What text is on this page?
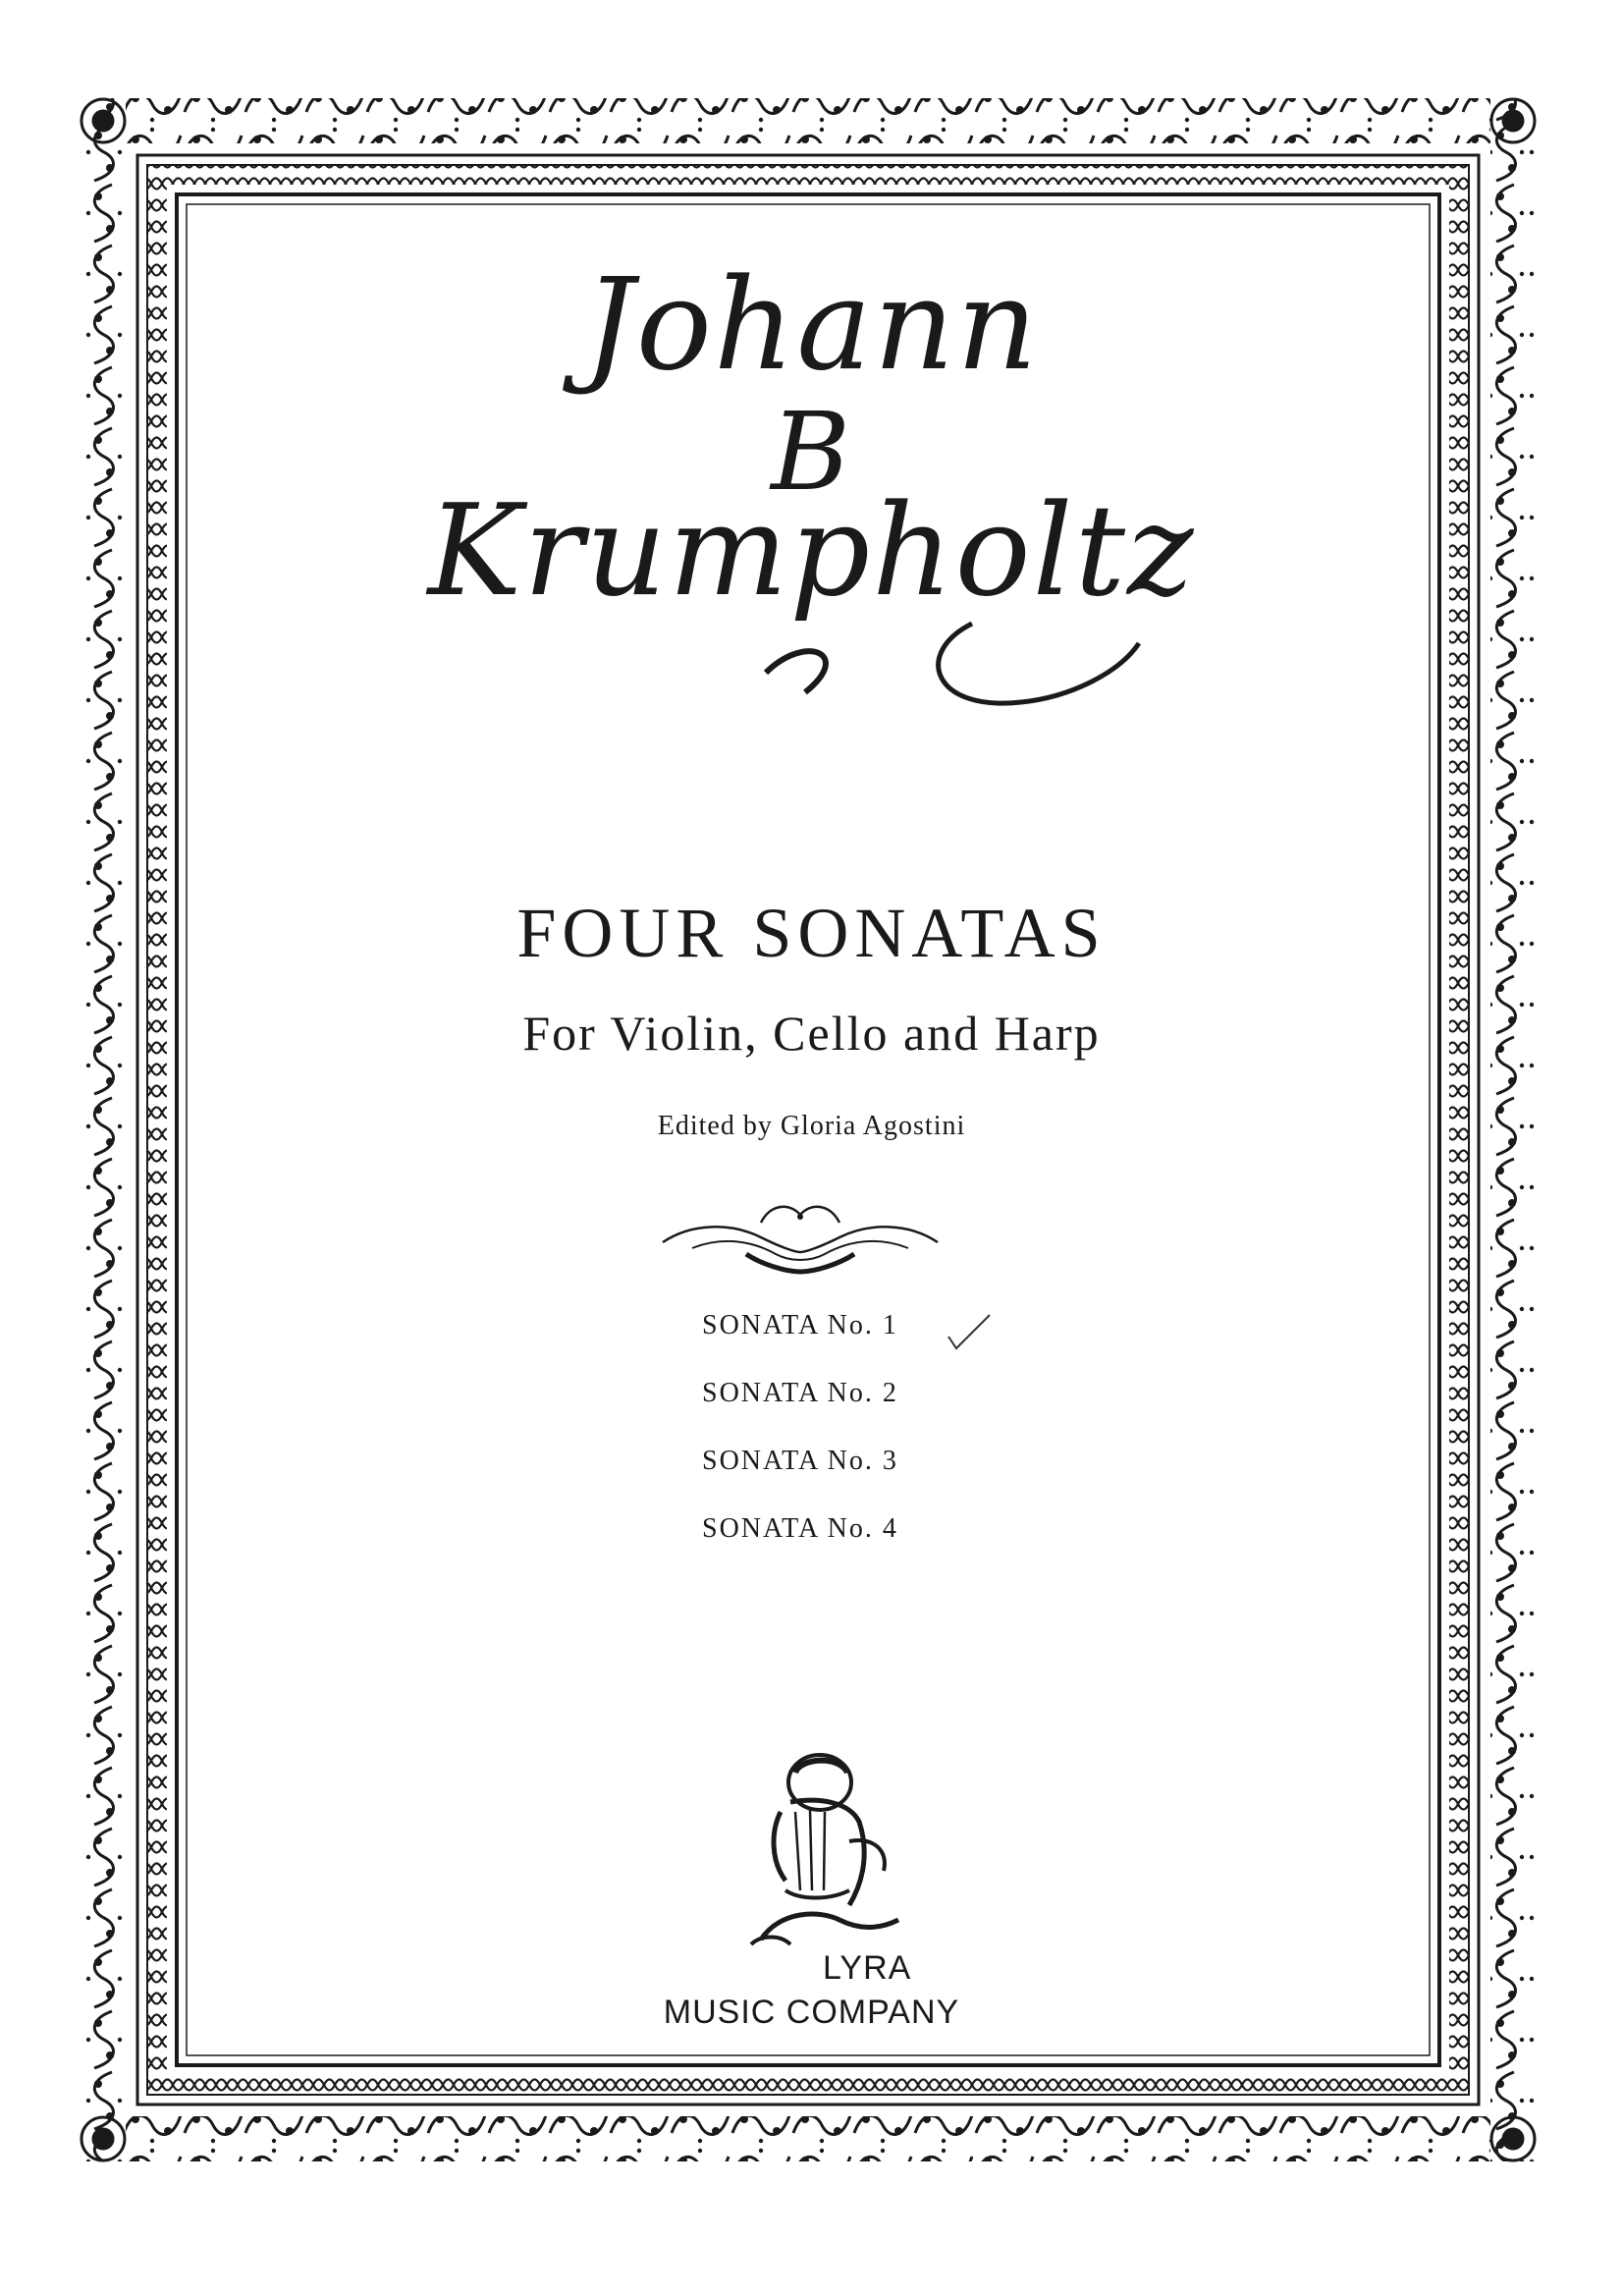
Johann
B
Krumpholtz
FOUR SONATAS
For Violin, Cello and Harp
Edited by Gloria Agostini
SONATA No. 1
SONATA No. 2
SONATA No. 3
SONATA No. 4
LYRA
MUSIC COMPANY
